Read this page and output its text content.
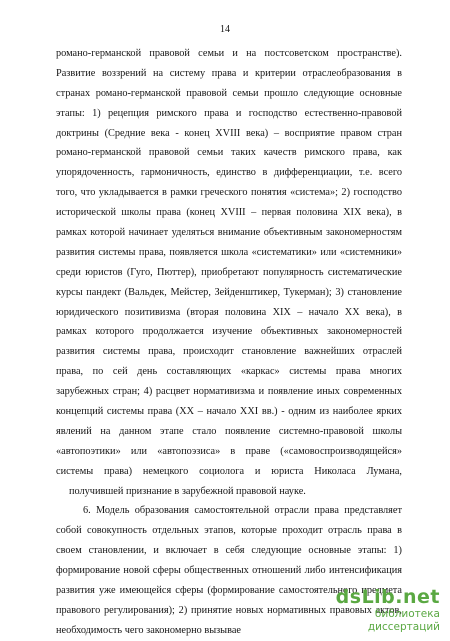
14
романо-германской правовой семьи и на постсоветском пространстве).
Развитие воззрений на систему права и критерии отраслеобразования в
странах романо-германской правовой семьи прошло следующие основные
этапы: 1) рецепция римского права и господство естественно-правовой
доктрины (Средние века - конец XVIII века) – восприятие правом стран
романо-германской правовой семьи таких качеств римского права, как
упорядоченность, гармоничность, единство в дифференциации, т.е. всего
того, что укладывается в рамки греческого понятия «система»; 2) господство
исторической школы права (конец XVIII – первая половина XIX века), в
рамках которой начинает уделяться внимание объективным закономерностям
развития системы права, появляется школа «систематики» или «системники»
среди юристов (Гуго, Пюттер), приобретают популярность систематические
курсы пандект (Вальдек, Мейстер, Зейденштикер, Тукерман); 3) становление
юридического позитивизма (вторая половина XIX – начало XX века), в
рамках которого продолжается изучение объективных закономерностей
развития системы права, происходит становление важнейших отраслей
права, по сей день составляющих «каркас» системы права многих
зарубежных стран; 4) расцвет нормативизма и появление иных современных
концепций системы права (XX – начало XXI вв.) - одним из наиболее ярких
явлений на данном этапе стало появление системно-правовой школы
«автопоэтики» или «автопоэзиса» в праве («самовоспроизводящейся»
системы права) немецкого социолога и юриста Николаса Лумана,
получившей признание в зарубежной правовой науке.
6. Модель образования самостоятельной отрасли права представляет
собой совокупность отдельных этапов, которые проходит отрасль права в
своем становлении, и включает в себя следующие основные этапы: 1)
формирование новой сферы общественных отношений либо интенсификация
развития уже имеющейся сферы (формирование самостоятельного предмета
правового регулирования); 2) принятие новых нормативных правовых актов,
необходимость чего закономерно вызывае
dsLib.net
библиотека диссертаций
